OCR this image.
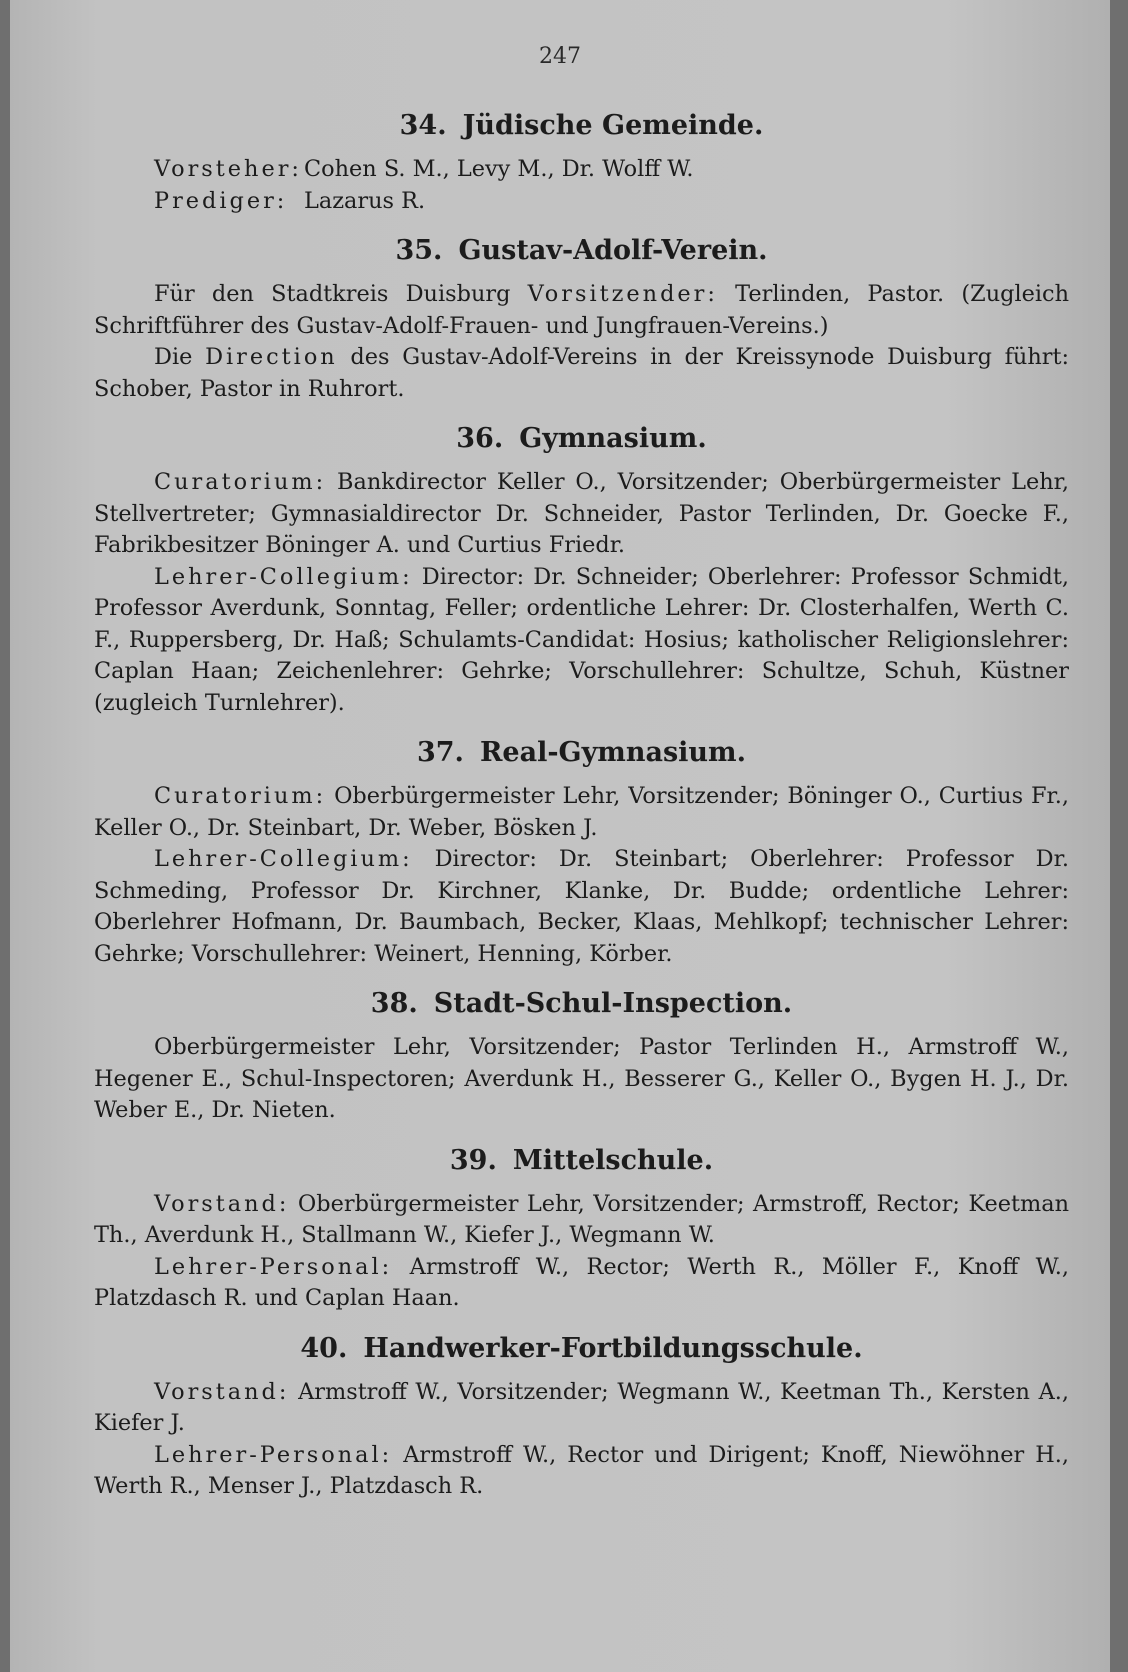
247
34. Jüdische Gemeinde.
Vorsteher: Cohen S. M., Levy M., Dr. Wolff W.
Prediger: Lazarus R.
35. Gustav-Adolf-Verein.

Für den Stadtkreis Duisburg Vorsitzender: Terlinden, Pastor. (Zugleich Schriftführer des Gustav-Adolf-Frauen- und Jungfrauen-Vereins.)

Die Direction des Gustav-Adolf-Vereins in der Kreissynode Duisburg führt: Schober, Pastor in Ruhrort.

36. Gymnasium.

Curatorium: Bankdirector Keller O., Vorsitzender; Oberbürgermeister Lehr, Stellvertreter; Gymnasialdirector Dr. Schneider, Pastor Terlinden, Dr. Goecke F., Fabrikbesitzer Böninger A. und Curtius Friedr.

Lehrer-Collegium: Director: Dr. Schneider; Oberlehrer: Professor Schmidt, Professor Averdunk, Sonntag, Feller; ordentliche Lehrer: Dr. Closterhalfen, Werth C. F., Ruppersberg, Dr. Haß; Schulamts-Candidat: Hosius; katholischer Religionslehrer: Caplan Haan; Zeichenlehrer: Gehrke; Vorschullehrer: Schultze, Schuh, Küstner (zugleich Turnlehrer).

37. Real-Gymnasium.

Curatorium: Oberbürgermeister Lehr, Vorsitzender; Böninger O., Curtius Fr., Keller O., Dr. Steinbart, Dr. Weber, Bösken J.

Lehrer-Collegium: Director: Dr. Steinbart; Oberlehrer: Professor Dr. Schmeding, Professor Dr. Kirchner, Klanke, Dr. Budde; ordentliche Lehrer: Oberlehrer Hofmann, Dr. Baumbach, Becker, Klaas, Mehlkopf; technischer Lehrer: Gehrke; Vorschullehrer: Weinert, Henning, Körber.

38. Stadt-Schul-Inspection.

Oberbürgermeister Lehr, Vorsitzender; Pastor Terlinden H., Armstroff W., Hegener E., Schul-Inspectoren; Averdunk H., Besserer G., Keller O., Bygen H. J., Dr. Weber E., Dr. Nieten.

39. Mittelschule.

Vorstand: Oberbürgermeister Lehr, Vorsitzender; Armstroff, Rector; Keetman Th., Averdunk H., Stallmann W., Kiefer J., Wegmann W.

Lehrer-Personal: Armstroff W., Rector; Werth R., Möller F., Knoff W., Platzdasch R. und Caplan Haan.

40. Handwerker-Fortbildungsschule.

Vorstand: Armstroff W., Vorsitzender; Wegmann W., Keetman Th., Kersten A., Kiefer J.

Lehrer-Personal: Armstroff W., Rector und Dirigent; Knoff, Niewöhner H., Werth R., Menser J., Platzdasch R.
